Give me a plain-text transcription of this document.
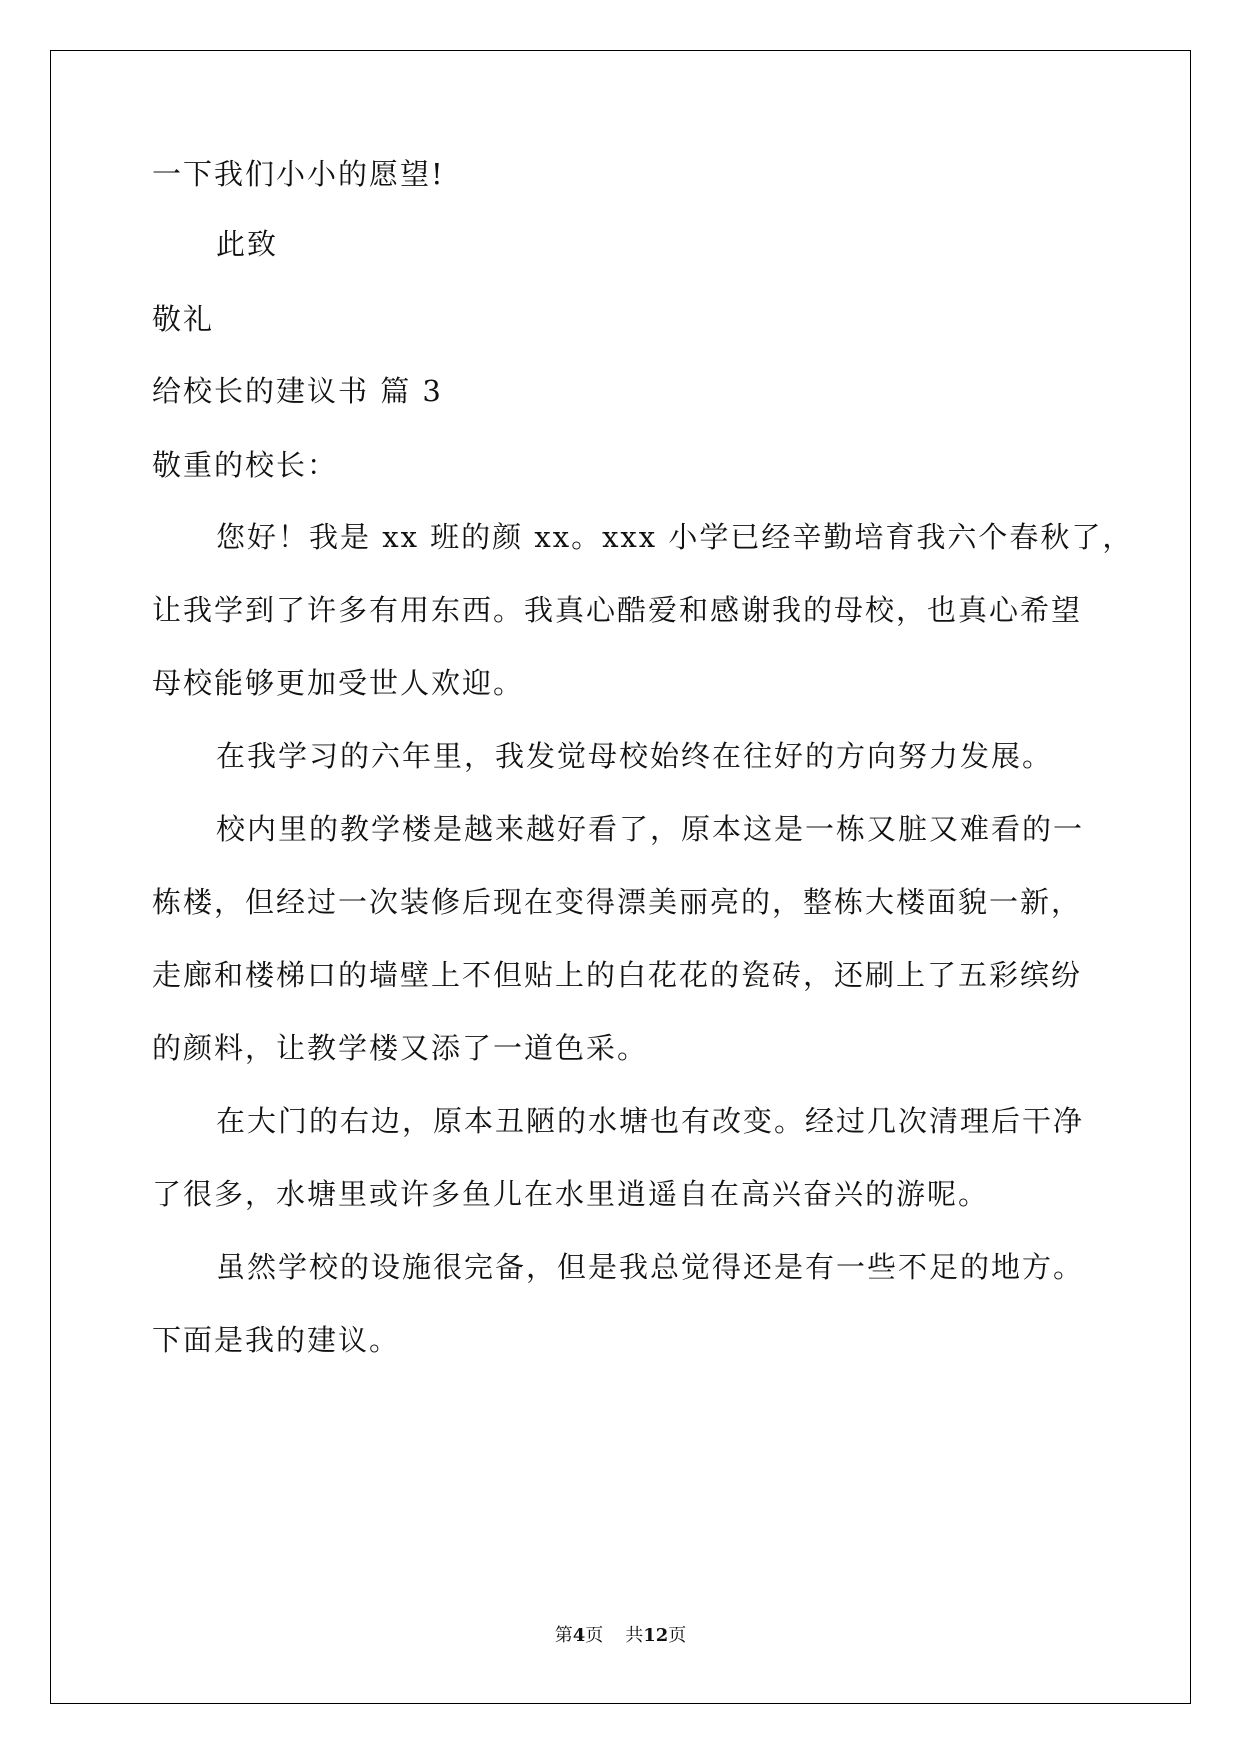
一下我们小小的愿望!
此致
敬礼
给校长的建议书 篇 3
敬重的校长：
您好！我是 xx 班的颜 xx。xxx 小学已经辛勤培育我六个春秋了，
让我学到了许多有用东西。我真心酷爱和感谢我的母校，也真心希望
母校能够更加受世人欢迎。
在我学习的六年里，我发觉母校始终在往好的方向努力发展。
校内里的教学楼是越来越好看了，原本这是一栋又脏又难看的一
栋楼，但经过一次装修后现在变得漂美丽亮的，整栋大楼面貌一新，
走廊和楼梯口的墙壁上不但贴上的白花花的瓷砖，还刷上了五彩缤纷
的颜料，让教学楼又添了一道色采。
在大门的右边，原本丑陋的水塘也有改变。经过几次清理后干净
了很多，水塘里或许多鱼儿在水里逍遥自在高兴奋兴的游呢。
虽然学校的设施很完备，但是我总觉得还是有一些不足的地方。
下面是我的建议。
第4页 共12页
